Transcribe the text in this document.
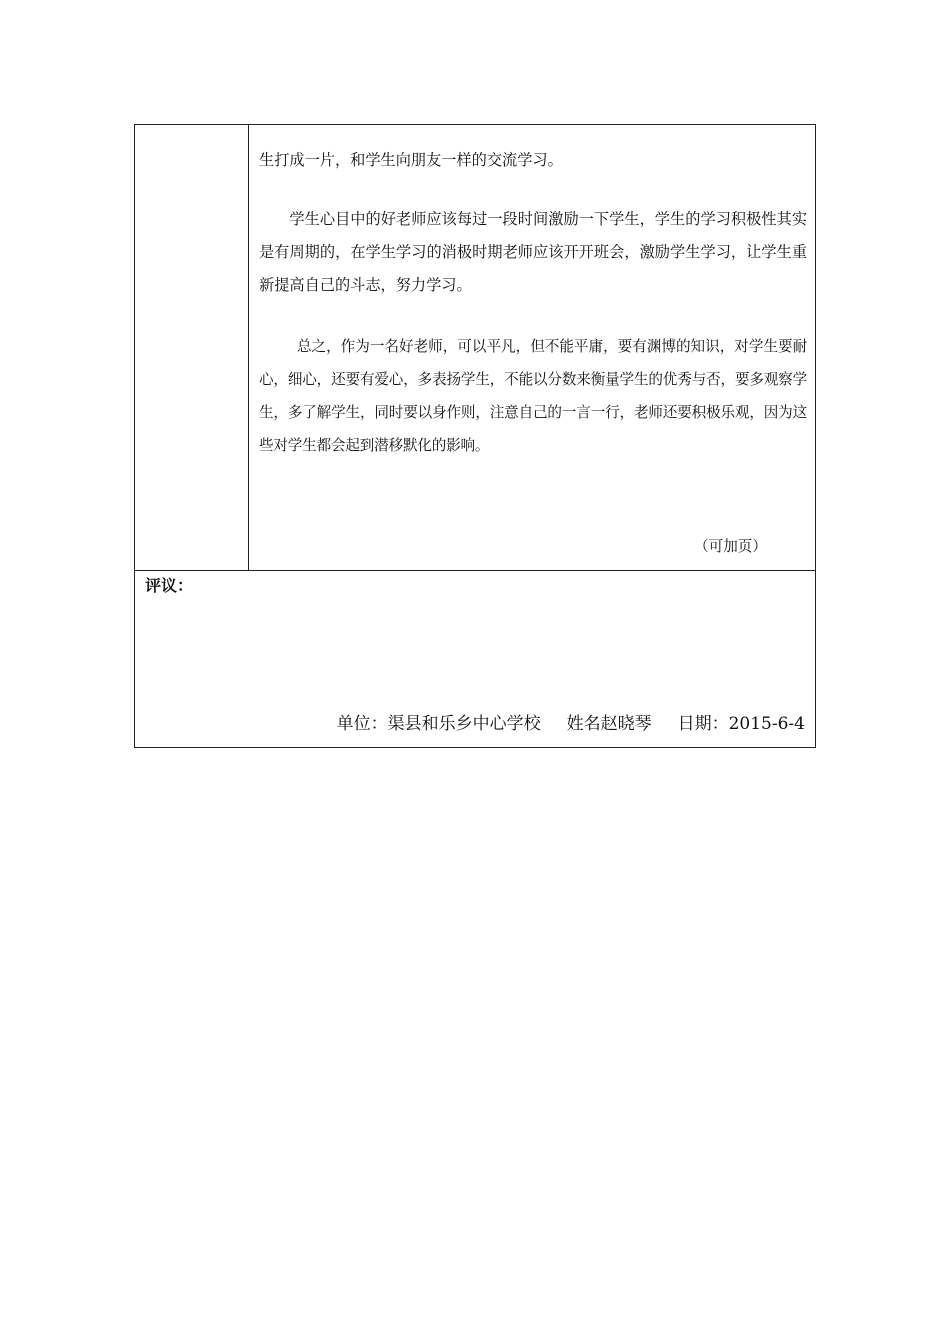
生打成一片，和学生向朋友一样的交流学习。

学生心目中的好老师应该每过一段时间激励一下学生，学生的学习积极性其实是有周期的，在学生学习的消极时期老师应该开开班会，激励学生学习，让学生重新提高自己的斗志，努力学习。

总之，作为一名好老师，可以平凡，但不能平庸，要有渊博的知识，对学生要耐心，细心，还要有爱心，多表扬学生，不能以分数来衡量学生的优秀与否，要多观察学生，多了解学生，同时要以身作则，注意自己的一言一行，老师还要积极乐观，因为这些对学生都会起到潜移默化的影响。

（可加页）
评议：
单位：渠县和乐乡中心学校 姓名赵晓琴 日期：2015-6-4
